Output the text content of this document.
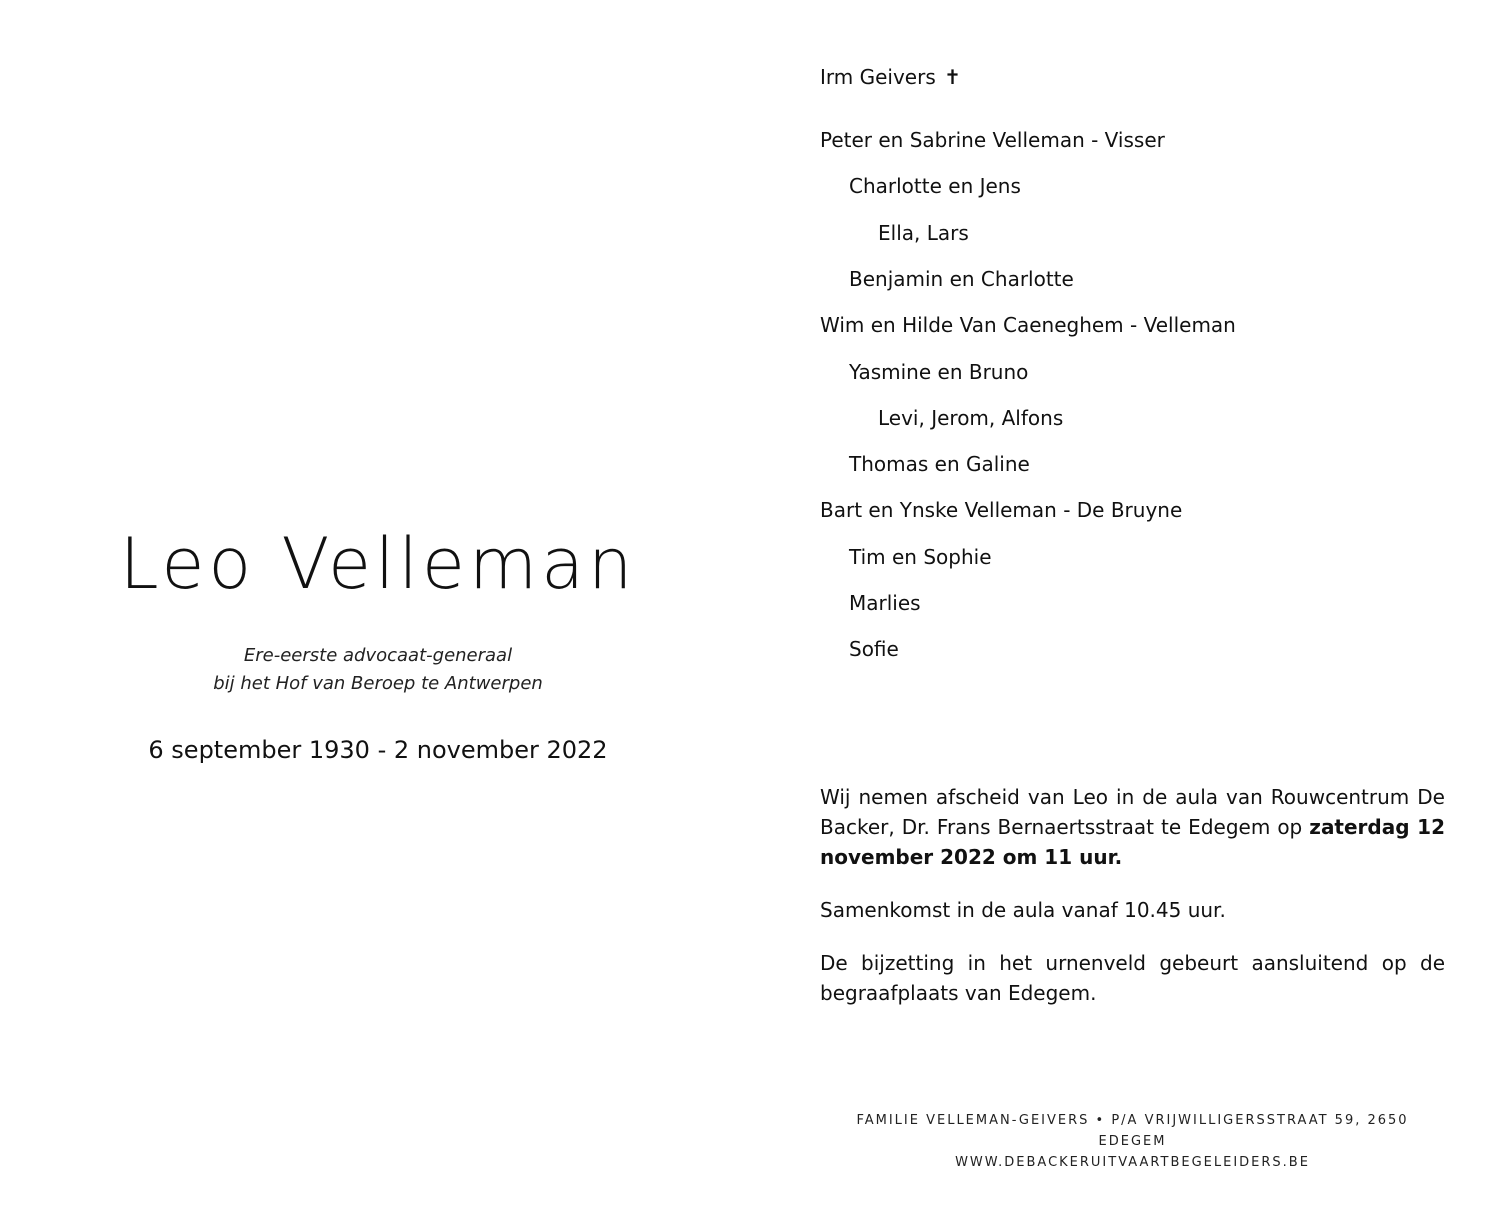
Leo Velleman
Ere-eerste advocaat-generaal
bij het Hof van Beroep te Antwerpen
6 september 1930 - 2 november 2022
Irm Geivers ✝
Peter en Sabrine Velleman - Visser
Charlotte en Jens
Ella, Lars
Benjamin en Charlotte
Wim en Hilde Van Caeneghem - Velleman
Yasmine en Bruno
Levi, Jerom, Alfons
Thomas en Galine
Bart en Ynske Velleman - De Bruyne
Tim en Sophie
Marlies
Sofie

Wij nemen afscheid van Leo in de aula van Rouwcentrum De Backer, Dr. Frans Bernaertsstraat te Edegem op zaterdag 12 november 2022 om 11 uur.

Samenkomst in de aula vanaf 10.45 uur.

De bijzetting in het urnenveld gebeurt aansluitend op de begraafplaats van Edegem.

FAMILIE VELLEMAN-GEIVERS • P/A VRIJWILLIGERSSTRAAT 59, 2650 EDEGEM
WWW.DEBACKERUITVAARTBEGELEIDERS.BE
